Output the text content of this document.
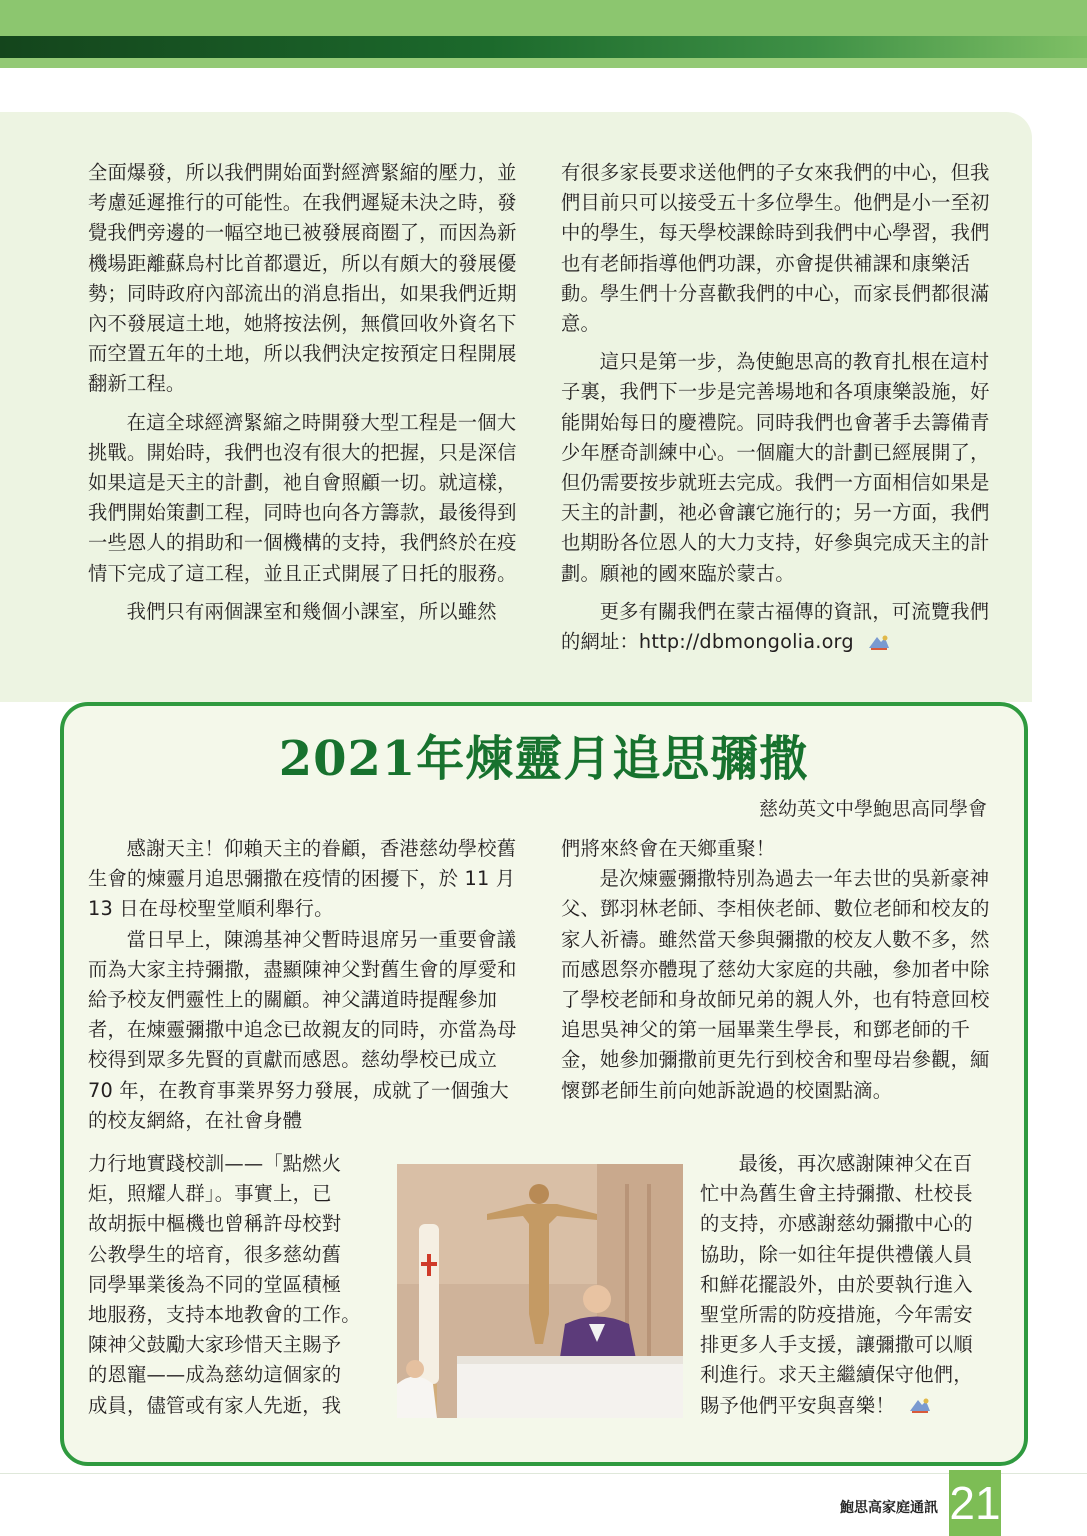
全面爆發，所以我們開始面對經濟緊縮的壓力，並考慮延遲推行的可能性。在我們遲疑未決之時，發覺我們旁邊的一幅空地已被發展商圈了，而因為新機場距離蘇烏村比首都還近，所以有頗大的發展優勢；同時政府內部流出的消息指出，如果我們近期內不發展這土地，她將按法例，無償回收外資名下而空置五年的土地，所以我們決定按預定日程開展翻新工程。

在這全球經濟緊縮之時開發大型工程是一個大挑戰。開始時，我們也沒有很大的把握，只是深信如果這是天主的計劃，祂自會照顧一切。就這樣，我們開始策劃工程，同時也向各方籌款，最後得到一些恩人的捐助和一個機構的支持，我們終於在疫情下完成了這工程，並且正式開展了日托的服務。

我們只有兩個課室和幾個小課室，所以雖然

有很多家長要求送他們的子女來我們的中心，但我們目前只可以接受五十多位學生。他們是小一至初中的學生，每天學校課餘時到我們中心學習，我們也有老師指導他們功課，亦會提供補課和康樂活動。學生們十分喜歡我們的中心，而家長們都很滿意。

這只是第一步，為使鮑思高的教育扎根在這村子裏，我們下一步是完善場地和各項康樂設施，好能開始每日的慶禮院。同時我們也會著手去籌備青少年歷奇訓練中心。一個龐大的計劃已經展開了，但仍需要按步就班去完成。我們一方面相信如果是天主的計劃，祂必會讓它施行的；另一方面，我們也期盼各位恩人的大力支持，好參與完成天主的計劃。願祂的國來臨於蒙古。

更多有關我們在蒙古福傳的資訊，可流覽我們的網址：http://dbmongolia.org

2021年煉靈月追思彌撒
慈幼英文中學鮑思高同學會

感謝天主！仰賴天主的眷顧，香港慈幼學校舊生會的煉靈月追思彌撒在疫情的困擾下，於 11 月 13 日在母校聖堂順利舉行。

當日早上，陳鴻基神父暫時退席另一重要會議而為大家主持彌撒，盡顯陳神父對舊生會的厚愛和給予校友們靈性上的關顧。神父講道時提醒參加者，在煉靈彌撒中追念已故親友的同時，亦當為母校得到眾多先賢的貢獻而感恩。慈幼學校已成立 70 年，在教育事業界努力發展，成就了一個強大的校友網絡，在社會身體

力行地實踐校訓——「點燃火

炬，照耀人群」。事實上，已

故胡振中樞機也曾稱許母校對

公教學生的培育，很多慈幼舊

同學畢業後為不同的堂區積極

地服務，支持本地教會的工作。

陳神父鼓勵大家珍惜天主賜予

的恩寵——成為慈幼這個家的

成員，儘管或有家人先逝，我

們將來終會在天鄉重聚！

是次煉靈彌撒特別為過去一年去世的吳新豪神父、鄧羽林老師、李相俠老師、數位老師和校友的家人祈禱。雖然當天參與彌撒的校友人數不多，然而感恩祭亦體現了慈幼大家庭的共融，參加者中除了學校老師和身故師兄弟的親人外，也有特意回校追思吳神父的第一屆畢業生學長，和鄧老師的千金，她參加彌撒前更先行到校舍和聖母岩參觀，緬懷鄧老師生前向她訴說過的校園點滴。

最後，再次感謝陳神父在百

忙中為舊生會主持彌撒、杜校長

的支持，亦感謝慈幼彌撒中心的

協助，除一如往年提供禮儀人員

和鮮花擺設外，由於要執行進入

聖堂所需的防疫措施，今年需安

排更多人手支援，讓彌撒可以順

利進行。求天主繼續保守他們，

賜予他們平安與喜樂！

鮑思高家庭通訊 21
